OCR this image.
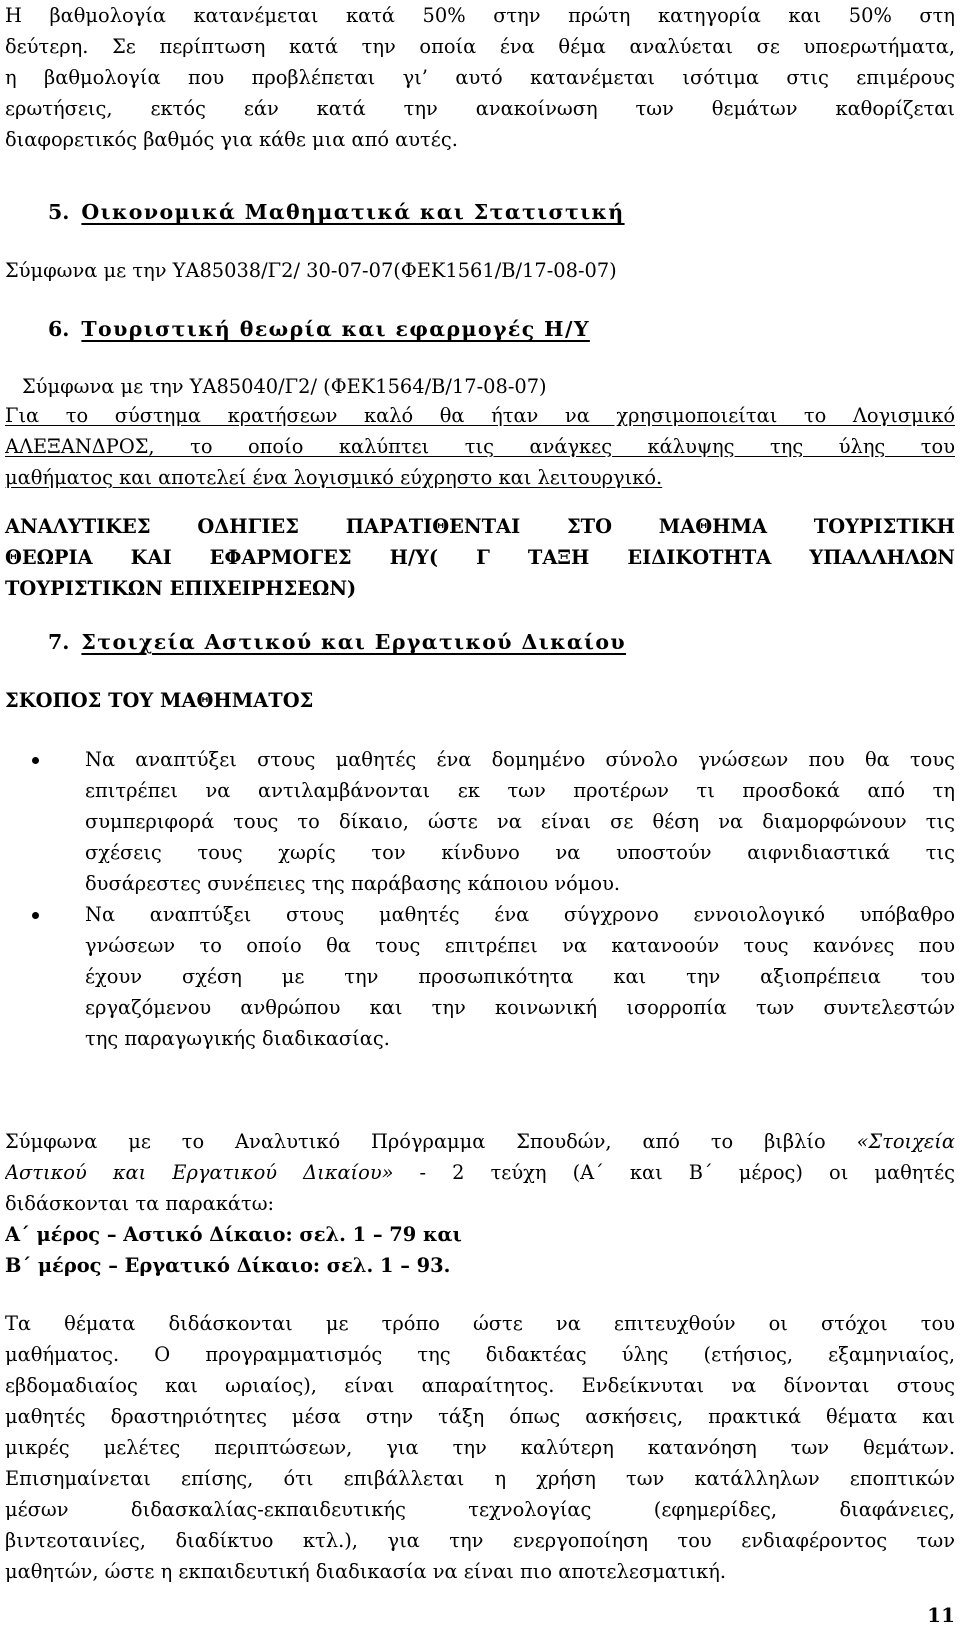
Η βαθμολογία κατανέμεται κατά 50% στην πρώτη κατηγορία και 50% στη
δεύτερη. Σε περίπτωση κατά την οποία ένα θέμα αναλύεται σε υποερωτήματα,
η βαθμολογία που προβλέπεται γι’ αυτό κατανέμεται ισότιμα στις επιμέρους
ερωτήσεις, εκτός εάν κατά την ανακοίνωση των θεμάτων καθορίζεται
διαφορετικός βαθμός για κάθε μια από αυτές.
5. Οικονομικά Μαθηματικά και Στατιστική
Σύμφωνα με την ΥΑ85038/Γ2/ 30-07-07(ΦΕΚ1561/Β/17-08-07)
6. Τουριστική θεωρία και εφαρμογές Η/Υ
Σύμφωνα με την ΥΑ85040/Γ2/ (ΦΕΚ1564/Β/17-08-07)
Για το σύστημα κρατήσεων καλό θα ήταν να χρησιμοποιείται το Λογισμικό
ΑΛΕΞΑΝΔΡΟΣ, το οποίο καλύπτει τις ανάγκες κάλυψης της ύλης του
μαθήματος και αποτελεί ένα λογισμικό εύχρηστο και λειτουργικό.
ΑΝΑΛΥΤΙΚΕΣ ΟΔΗΓΙΕΣ ΠΑΡΑΤΙΘΕΝΤΑΙ ΣΤΟ ΜΑΘΗΜΑ ΤΟΥΡΙΣΤΙΚΗ
ΘΕΩΡΙΑ ΚΑΙ ΕΦΑΡΜΟΓΕΣ Η/Υ( Γ ΤΑΞΗ ΕΙΔΙΚΟΤΗΤΑ ΥΠΑΛΛΗΛΩΝ
ΤΟΥΡΙΣΤΙΚΩΝ ΕΠΙΧΕΙΡΗΣΕΩΝ)
7. Στοιχεία Αστικού και Εργατικού Δικαίου
ΣΚΟΠΟΣ ΤΟΥ ΜΑΘΗΜΑΤΟΣ
Να αναπτύξει στους μαθητές ένα δομημένο σύνολο γνώσεων που θα τους
επιτρέπει να αντιλαμβάνονται εκ των προτέρων τι προσδοκά από τη
συμπεριφορά τους το δίκαιο, ώστε να είναι σε θέση να διαμορφώνουν τις
σχέσεις τους χωρίς τον κίνδυνο να υποστούν αιφνιδιαστικά τις
δυσάρεστες συνέπειες της παράβασης κάποιου νόμου.
Να αναπτύξει στους μαθητές ένα σύγχρονο εννοιολογικό υπόβαθρο
γνώσεων το οποίο θα τους επιτρέπει να κατανοούν τους κανόνες που
έχουν σχέση με την προσωπικότητα και την αξιοπρέπεια του
εργαζόμενου ανθρώπου και την κοινωνική ισορροπία των συντελεστών
της παραγωγικής διαδικασίας.
Σύμφωνα με το Αναλυτικό Πρόγραμμα Σπουδών, από το βιβλίο «Στοιχεία
Αστικού και Εργατικού Δικαίου» - 2 τεύχη (Α΄ και Β΄ μέρος) οι μαθητές
διδάσκονται τα παρακάτω:
Α΄ μέρος – Αστικό Δίκαιο: σελ. 1 – 79 και
Β΄ μέρος – Εργατικό Δίκαιο: σελ. 1 – 93.
Τα θέματα διδάσκονται με τρόπο ώστε να επιτευχθούν οι στόχοι του
μαθήματος. Ο προγραμματισμός της διδακτέας ύλης (ετήσιος, εξαμηνιαίος,
εβδομαδιαίος και ωριαίος), είναι απαραίτητος. Ενδείκνυται να δίνονται στους
μαθητές δραστηριότητες μέσα στην τάξη όπως ασκήσεις, πρακτικά θέματα και
μικρές μελέτες περιπτώσεων, για την καλύτερη κατανόηση των θεμάτων.
Επισημαίνεται επίσης, ότι επιβάλλεται η χρήση των κατάλληλων εποπτικών
μέσων διδασκαλίας-εκπαιδευτικής τεχνολογίας (εφημερίδες, διαφάνειες,
βιντεοταινίες, διαδίκτυο κτλ.), για την ενεργοποίηση του ενδιαφέροντος των
μαθητών, ώστε η εκπαιδευτική διαδικασία να είναι πιο αποτελεσματική.
11
